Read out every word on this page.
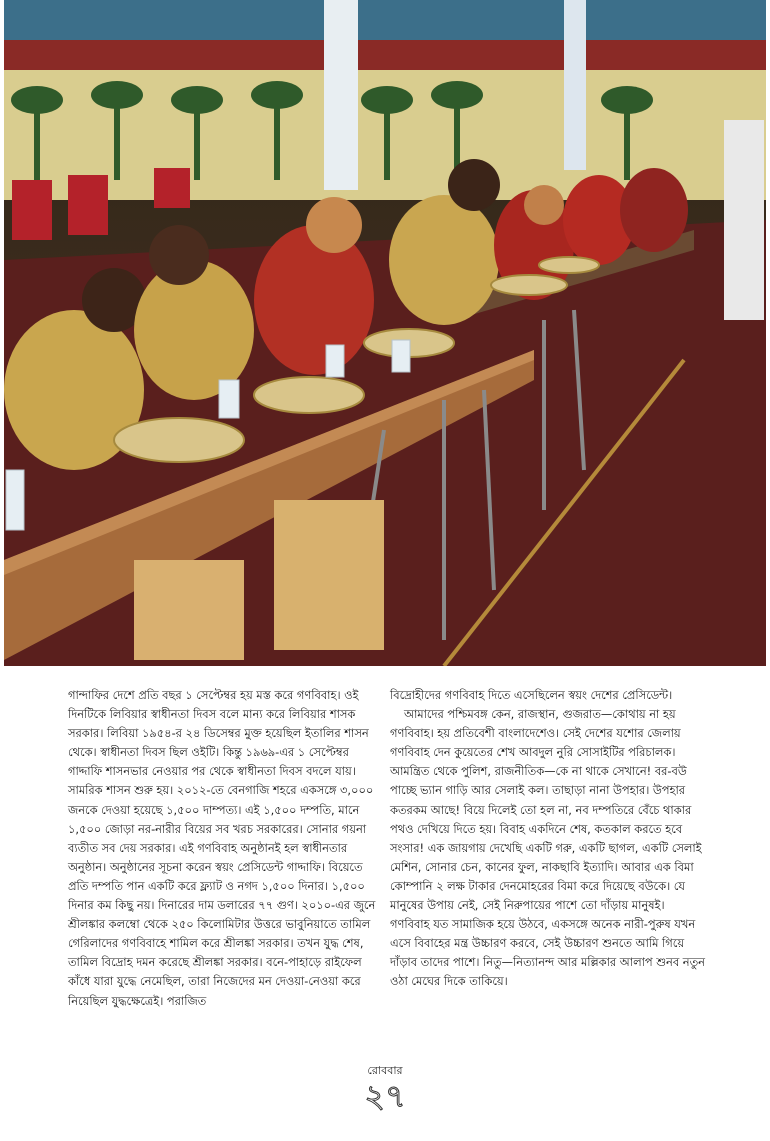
গান্দাফির দেশে প্রতি বছর ১ সেপ্টেম্বর হয় মস্ত করে গণবিবাহ। ওই দিনটিকে লিবিয়ার স্বাধীনতা দিবস বলে মান্য করে লিবিয়ার শাসক সরকার। লিবিয়া ১৯৫৪-র ২৪ ডিসেম্বর মুক্ত হয়েছিল ইতালির শাসন থেকে। স্বাধীনতা দিবস ছিল ওইটি। কিন্তু ১৯৬৯-এর ১ সেপ্টেম্বর গাদ্দাফি শাসনভার নেওয়ার পর থেকে স্বাধীনতা দিবস বদলে যায়। সামরিক শাসন শুরু হয়। ২০১২-তে বেনগাজি শহরে একসঙ্গে ৩,০০০ জনকে দেওয়া হয়েছে ১,৫০০ দাম্পত্য। এই ১,৫০০ দম্পতি, মানে ১,৫০০ জোড়া নর-নারীর বিয়ের সব খরচ সরকারের। সোনার গয়না ব্যতীত সব দেয় সরকার। এই গণবিবাহ অনুষ্ঠানই হল স্বাধীনতার অনুষ্ঠান। অনুষ্ঠানের সূচনা করেন স্বয়ং প্রেসিডেন্ট গাদ্দাফি। বিয়েতে প্রতি দম্পতি পান একটি করে ফ্ল্যাট ও নগদ ১,৫০০ দিনার। ১,৫০০ দিনার কম কিছু নয়। দিনারের দাম ডলারের ৭৭ গুণ। ২০১০-এর জুনে শ্রীলঙ্কার কলম্বো থেকে ২৫০ কিলোমিটার উত্তরে ভাবুনিয়াতে তামিল গেরিলাদের গণবিবাহে শামিল করে শ্রীলঙ্কা সরকার। তখন যুদ্ধ শেষ, তামিল বিদ্রোহ দমন করেছে শ্রীলঙ্কা সরকার। বনে-পাহাড়ে রাইফেল কাঁধে যারা যুদ্ধে নেমেছিল, তারা নিজেদের মন দেওয়া-নেওয়া করে নিয়েছিল যুদ্ধক্ষেত্রেই। পরাজিত

বিদ্রোহীদের গণবিবাহ দিতে এসেছিলেন স্বয়ং দেশের প্রেসিডেন্ট।

আমাদের পশ্চিমবঙ্গ কেন, রাজস্থান, গুজরাত—কোথায় না হয় গণবিবাহ। হয় প্রতিবেশী বাংলাদেশেও। সেই দেশের যশোর জেলায় গণবিবাহ দেন কুয়েতের শেখ আবদুল নুরি সোসাইটির পরিচালক। আমন্ত্রিত থেকে পুলিশ, রাজনীতিক—কে না থাকে সেখানে! বর-বউ পাচ্ছে ভ্যান গাড়ি আর সেলাই কল। তাছাড়া নানা উপহার। উপহার কতরকম আছে! বিয়ে দিলেই তো হল না, নব দম্পতিরে বেঁচে থাকার পথও দেখিয়ে দিতে হয়। বিবাহ একদিনে শেষ, কতকাল করতে হবে সংসার! এক জায়গায় দেখেছি একটি গরু, একটি ছাগল, একটি সেলাই মেশিন, সোনার চেন, কানের ফুল, নাকছাবি ইত্যাদি। আবার এক বিমা কোম্পানি ২ লক্ষ টাকার দেনমোহরের বিমা করে দিয়েছে বউকে। যে মানুষের উপায় নেই, সেই নিরুপায়ের পাশে তো দাঁড়ায় মানুষই। গণবিবাহ যত সামাজিক হয়ে উঠবে, একসঙ্গে অনেক নারী-পুরুষ যখন এসে বিবাহের মন্ত্র উচ্চারণ করবে, সেই উচ্চারণ শুনতে আমি গিয়ে দাঁড়াব তাদের পাশে। নিতু—নিত্যানন্দ আর মল্লিকার আলাপ শুনব নতুন ওঠা মেঘের দিকে তাকিয়ে।

রোববার
২৭
